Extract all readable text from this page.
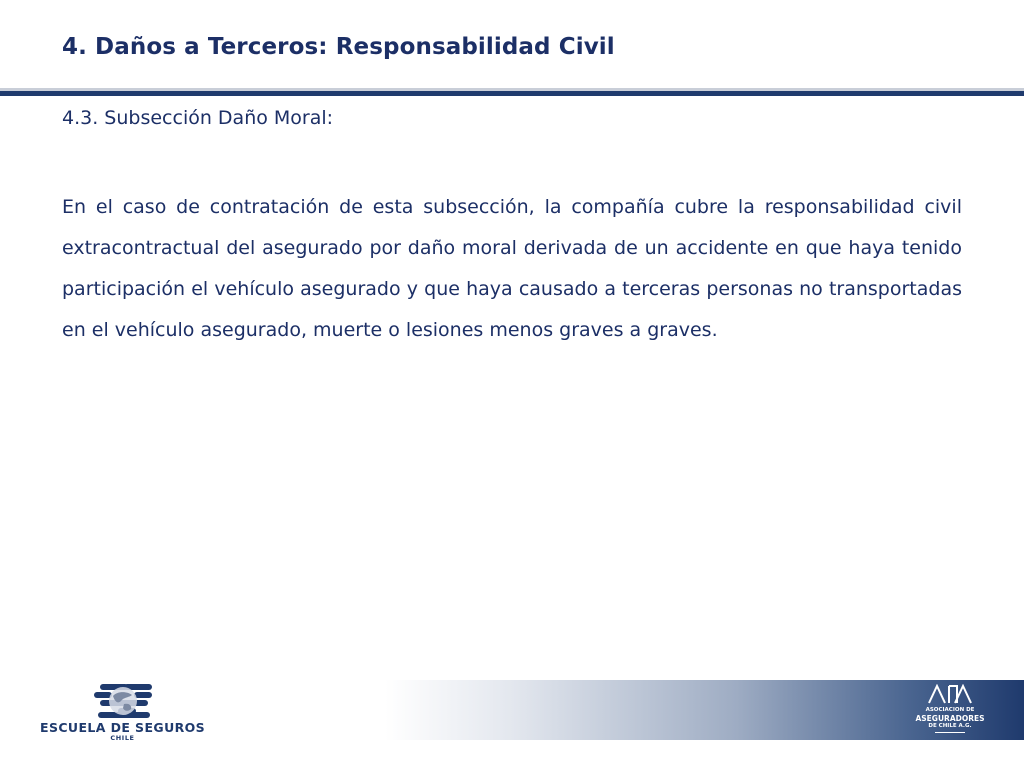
4. Daños a Terceros: Responsabilidad Civil
4.3. Subsección Daño Moral:
En el caso de contratación de esta subsección, la compañía cubre la responsabilidad civil extracontractual del asegurado por daño moral derivada de un accidente en que haya tenido participación el vehículo asegurado y que haya causado a terceras personas no transportadas en el vehículo asegurado, muerte o lesiones menos graves a graves.
ESCUELA DE SEGUROS
CHILE
ASOCIACION DE
ASEGURADORES
DE CHILE A.G.
